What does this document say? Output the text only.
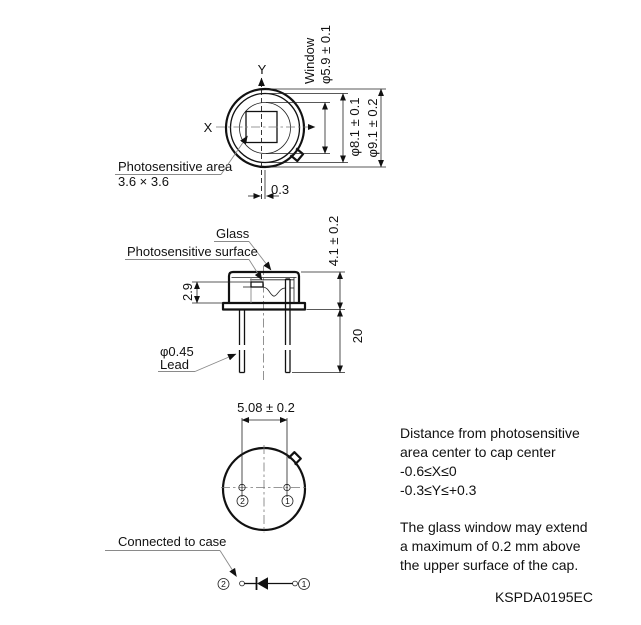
X
Y
0.3
Window φ5.9 ± 0.1
φ8.1 ± 0.1 φ9.1 ± 0.2
Photosensitive area
3.6 × 3.6
2.9
4.1 ± 0.2
20
Glass
Photosensitive surface
φ0.45
Lead
5.08 ± 0.2
2	1
Connected to case
2	1
Distance from photosensitive
area center to cap center
-0.6≤X≤0
-0.3≤Y≤+0.3
The glass window may extend
a maximum of 0.2 mm above
the upper surface of the cap.
KSPDA0195EC
